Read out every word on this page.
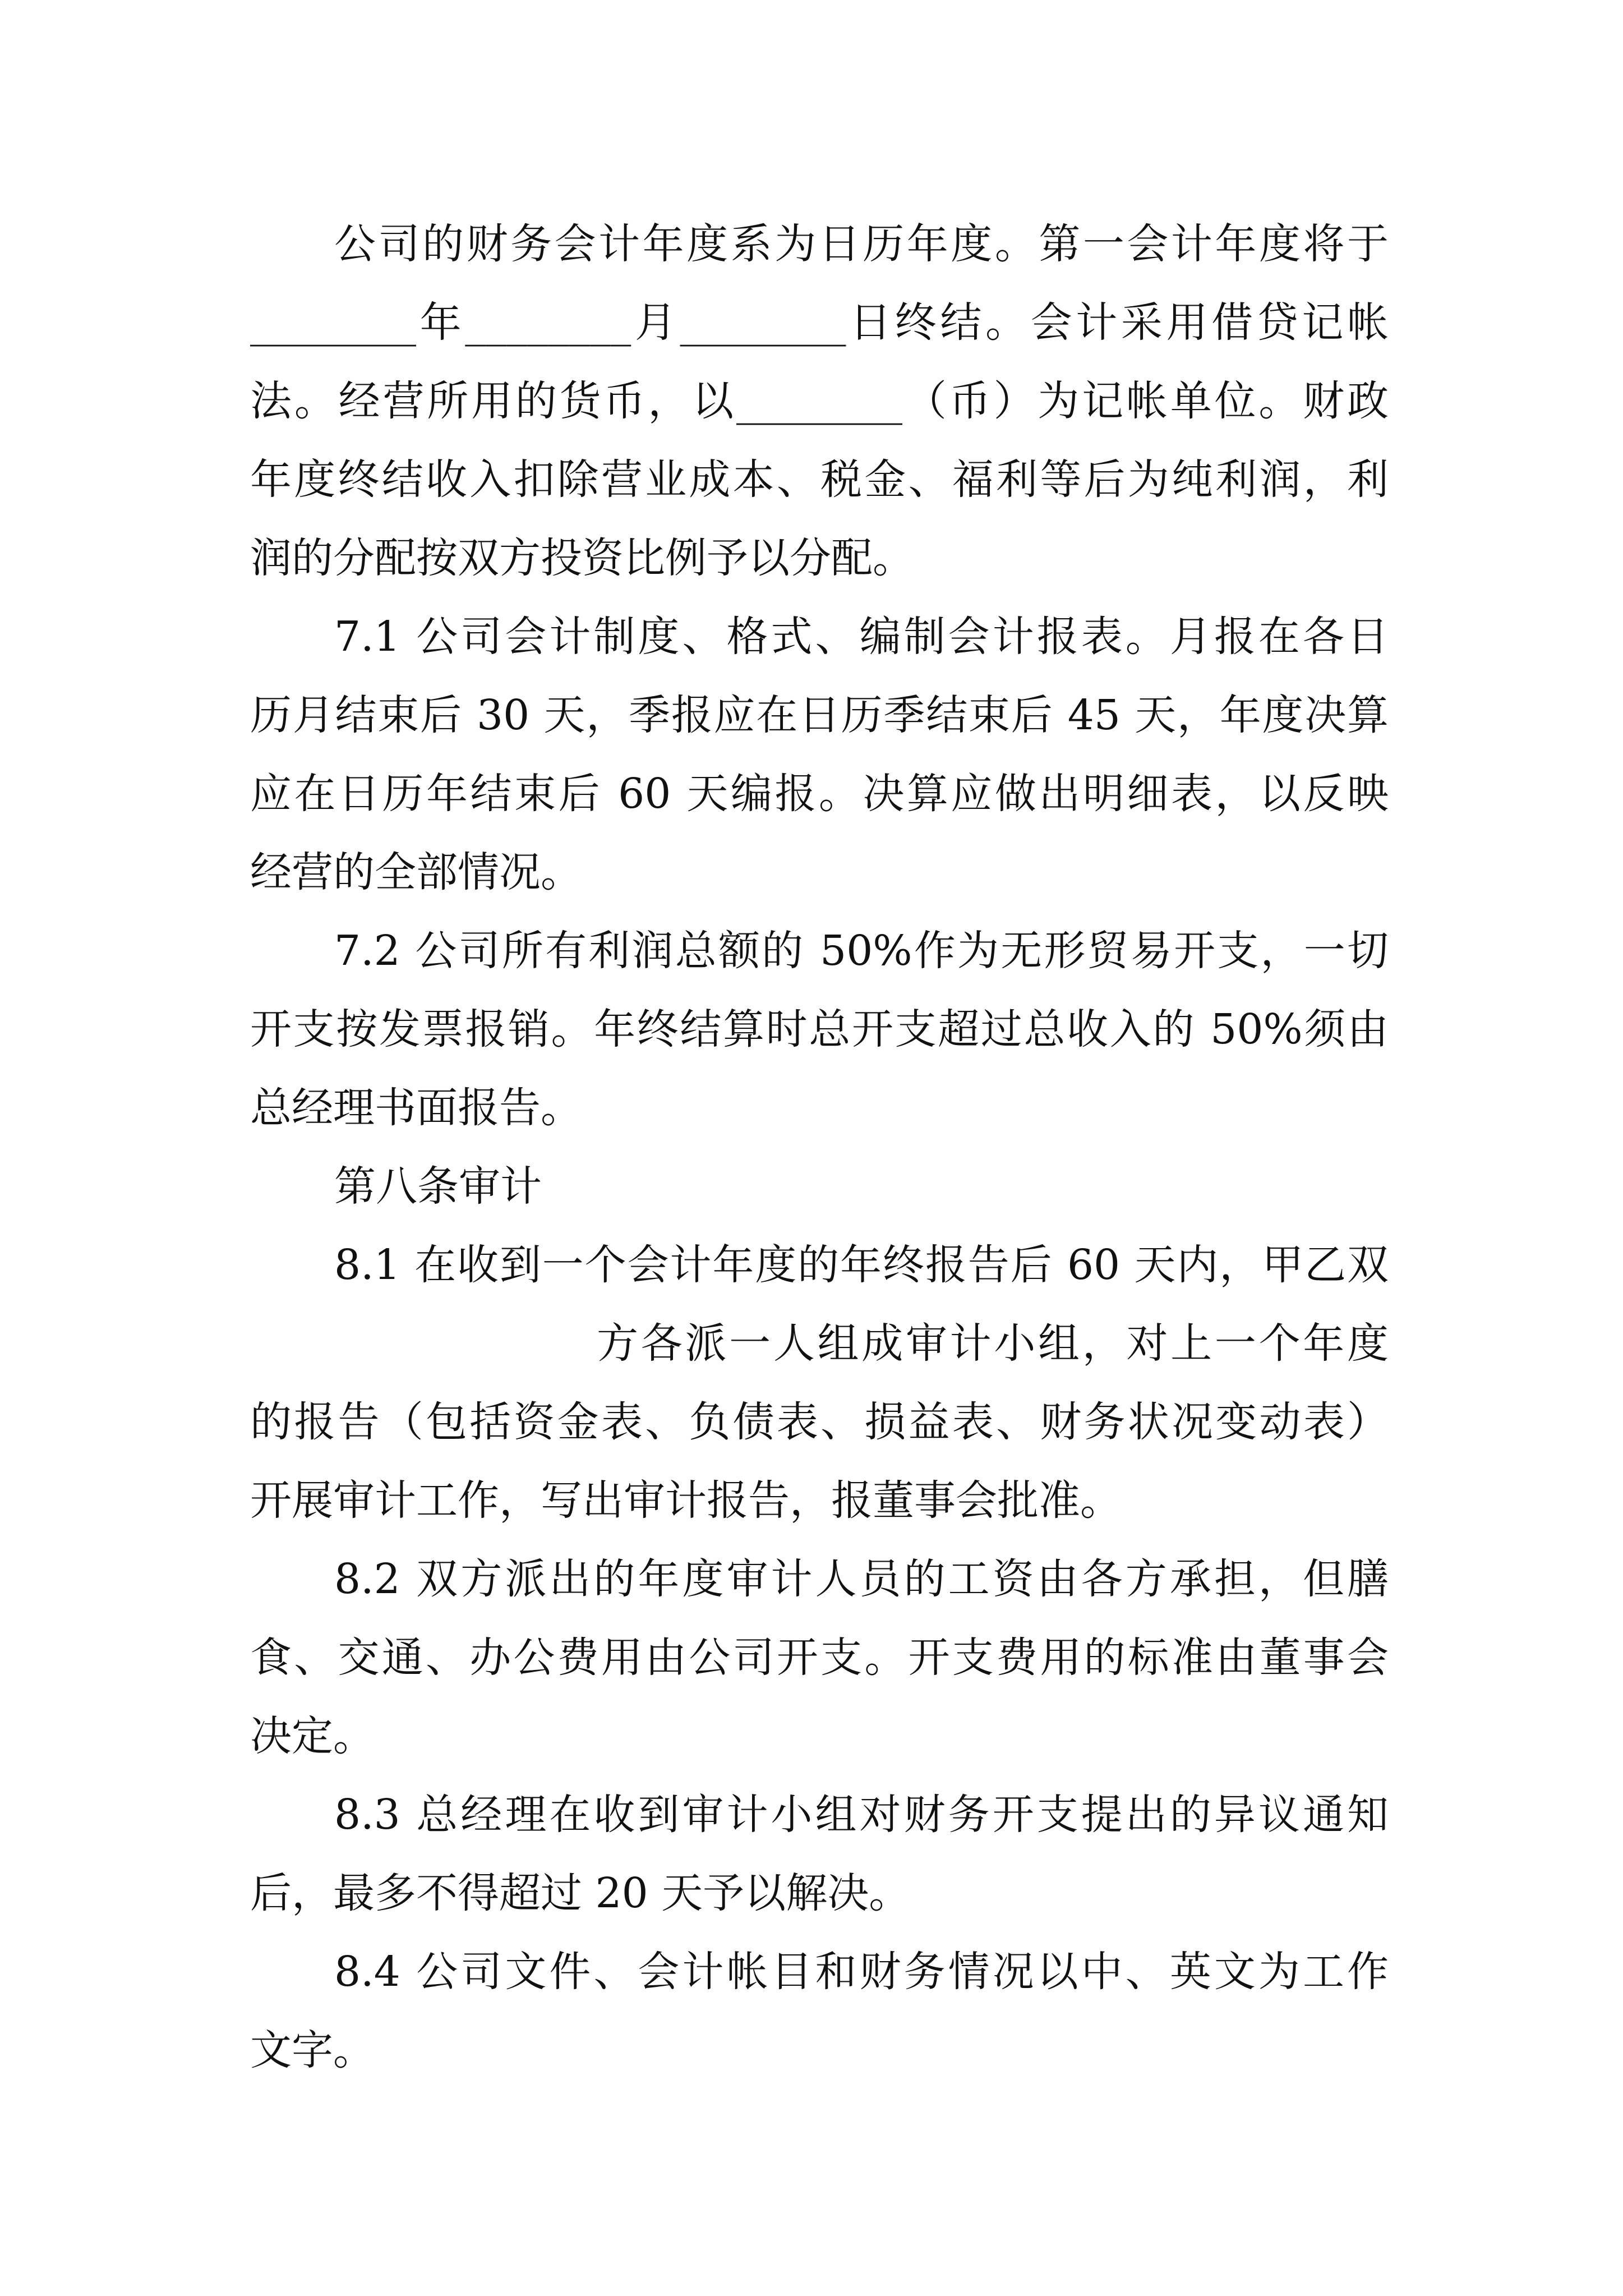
公司的财务会计年度系为日历年度。第一会计年度将于
________年________月________日终结。会计采用借贷记帐
法。经营所用的货币，以________（币）为记帐单位。财政
年度终结收入扣除营业成本、税金、福利等后为纯利润，利
润的分配按双方投资比例予以分配。
7.1 公司会计制度、格式、编制会计报表。月报在各日
历月结束后 30 天，季报应在日历季结束后 45 天，年度决算
应在日历年结束后 60 天编报。决算应做出明细表，以反映
经营的全部情况。
7.2 公司所有利润总额的 50%作为无形贸易开支，一切
开支按发票报销。年终结算时总开支超过总收入的 50%须由
总经理书面报告。
第八条审计
8.1 在收到一个会计年度的年终报告后 60 天内，甲乙双
方各派一人组成审计小组，对上一个年度
的报告（包括资金表、负债表、损益表、财务状况变动表）
开展审计工作，写出审计报告，报董事会批准。
8.2 双方派出的年度审计人员的工资由各方承担，但膳
食、交通、办公费用由公司开支。开支费用的标准由董事会
决定。
8.3 总经理在收到审计小组对财务开支提出的异议通知
后，最多不得超过 20 天予以解决。
8.4 公司文件、会计帐目和财务情况以中、英文为工作
文字。
